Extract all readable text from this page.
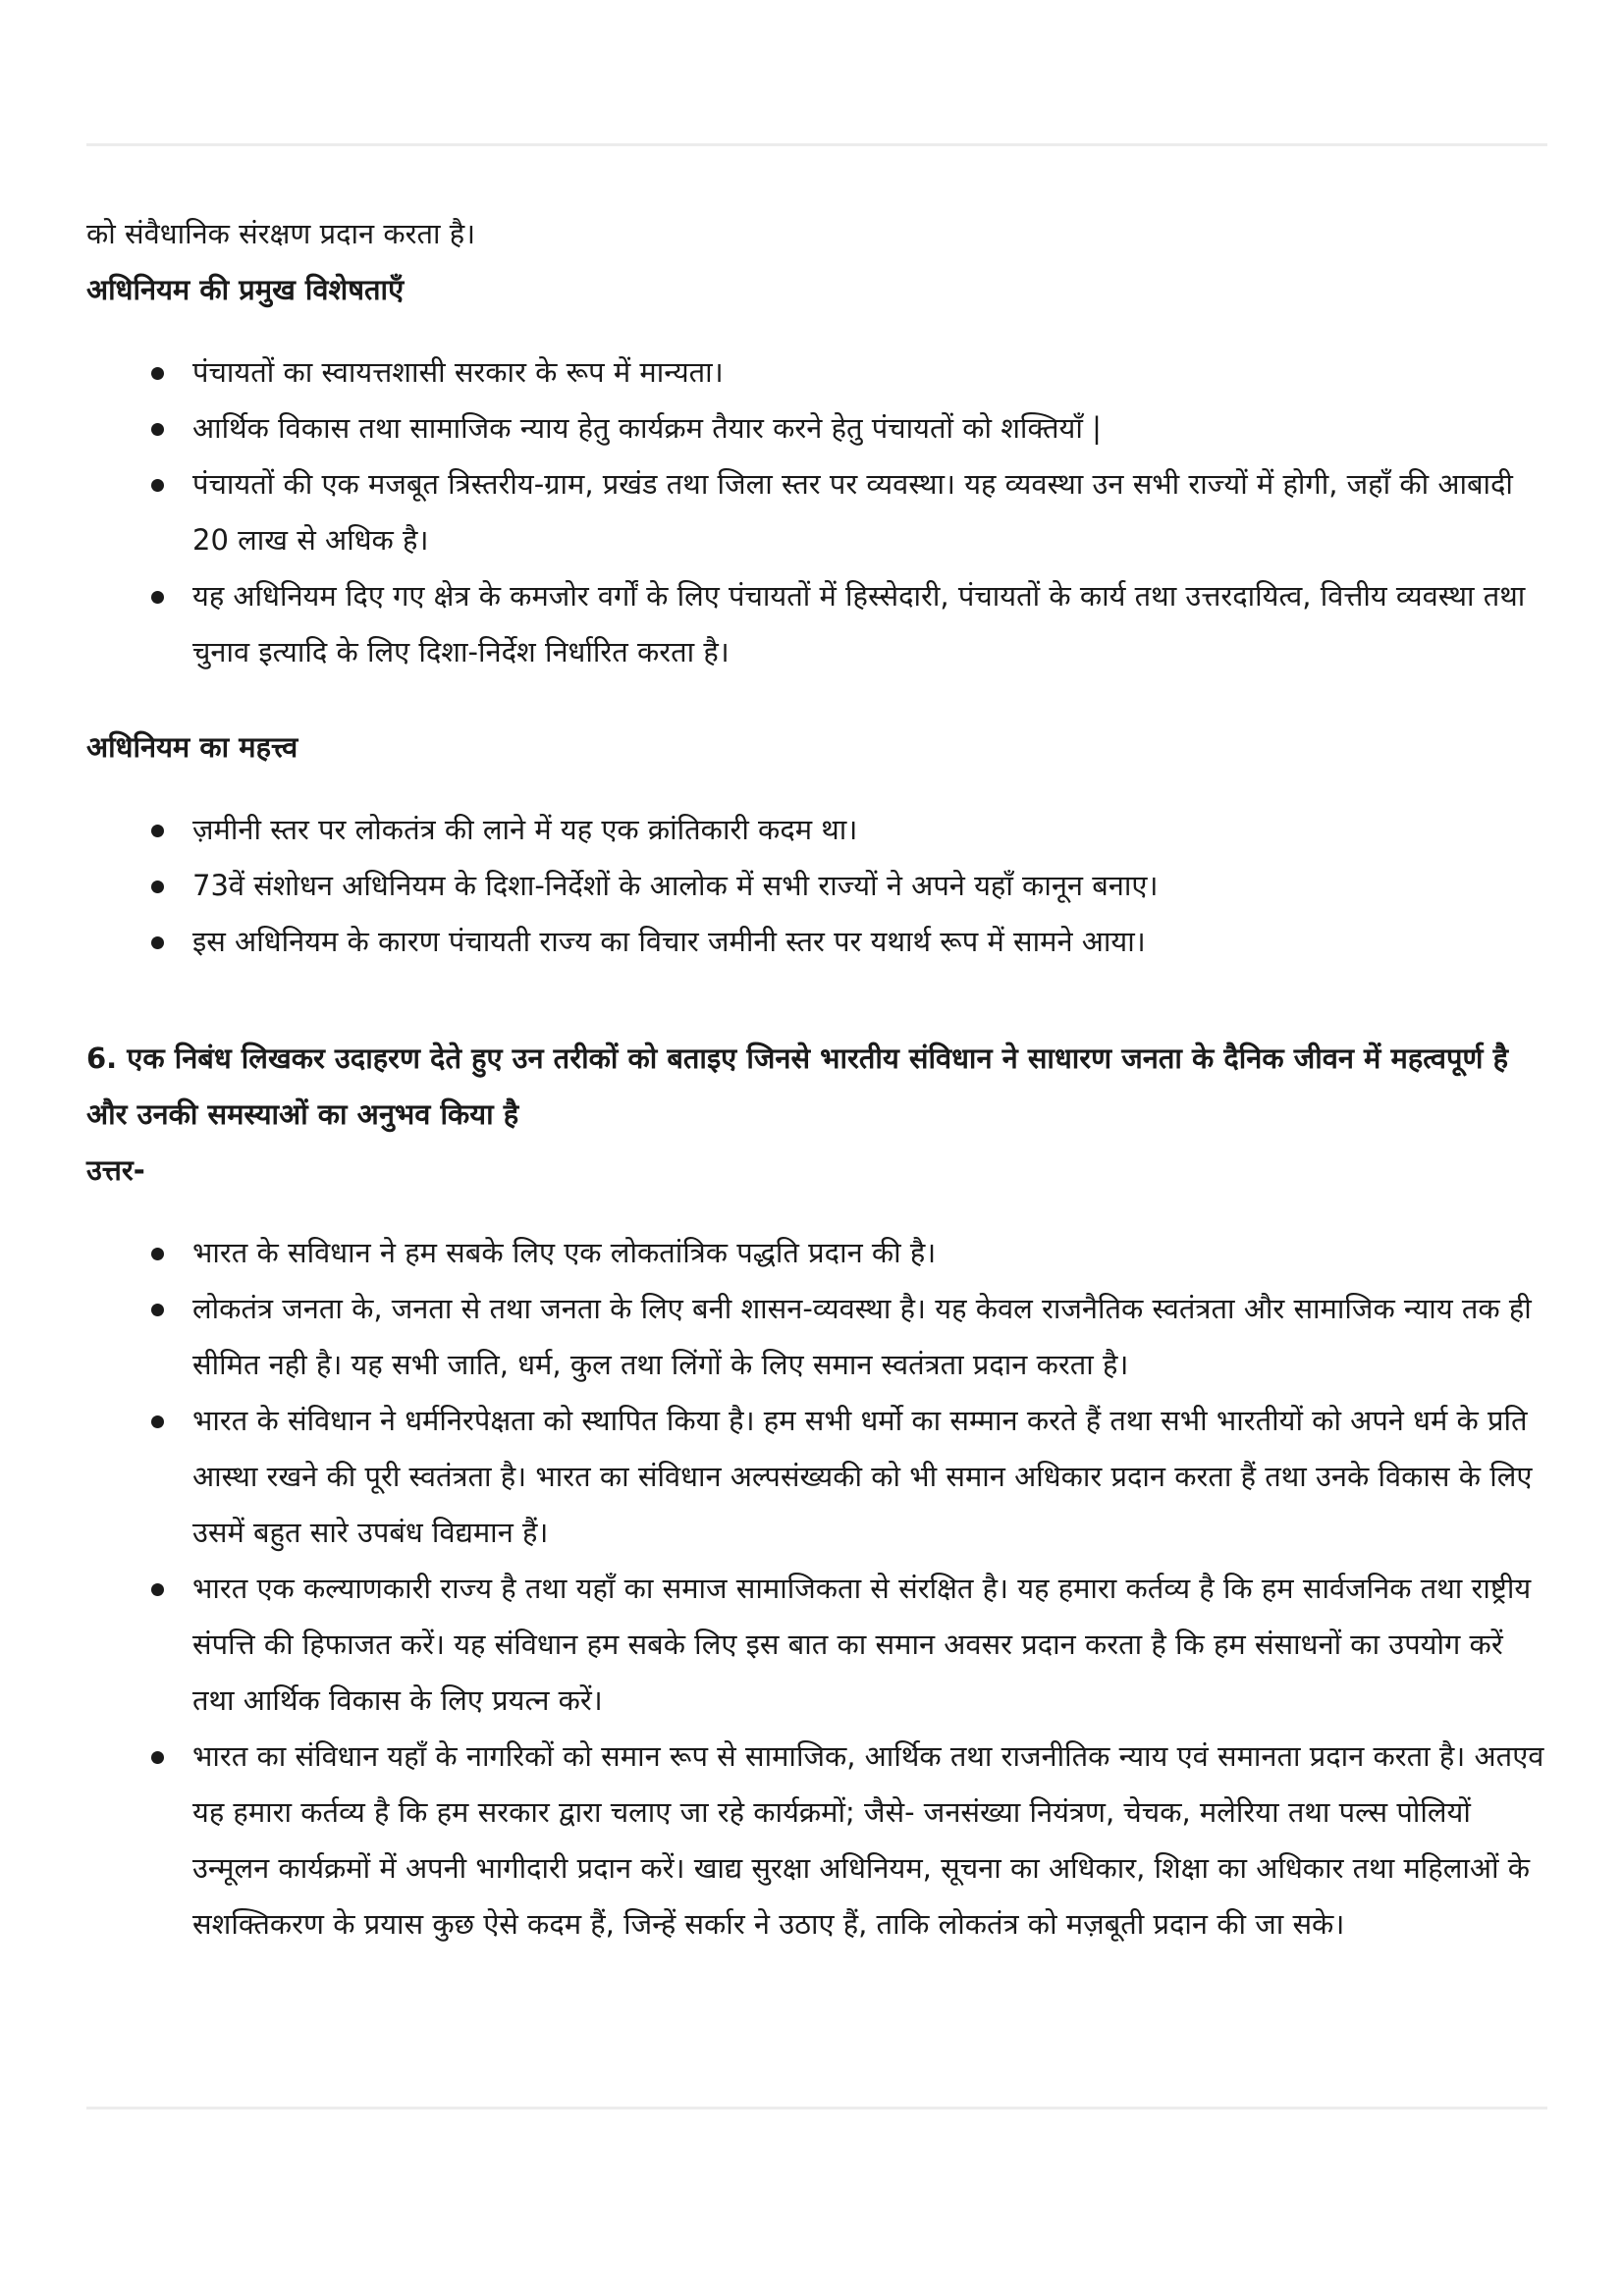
को संवैधानिक संरक्षण प्रदान करता है।

अधिनियम की प्रमुख विशेषताएँ

पंचायतों का स्वायत्तशासी सरकार के रूप में मान्यता।
आर्थिक विकास तथा सामाजिक न्याय हेतु कार्यक्रम तैयार करने हेतु पंचायतों को शक्तियाँ |
पंचायतों की एक मजबूत त्रिस्तरीय-ग्राम, प्रखंड तथा जिला स्तर पर व्यवस्था। यह व्यवस्था उन सभी राज्यों में होगी, जहाँ की आबादी 20 लाख से अधिक है।
यह अधिनियम दिए गए क्षेत्र के कमजोर वर्गों के लिए पंचायतों में हिस्सेदारी, पंचायतों के कार्य तथा उत्तरदायित्व, वित्तीय व्यवस्था तथा चुनाव इत्यादि के लिए दिशा-निर्देश निर्धारित करता है।

अधिनियम का महत्त्व

ज़मीनी स्तर पर लोकतंत्र की लाने में यह एक क्रांतिकारी कदम था।
73वें संशोधन अधिनियम के दिशा-निर्देशों के आलोक में सभी राज्यों ने अपने यहाँ कानून बनाए।
इस अधिनियम के कारण पंचायती राज्य का विचार जमीनी स्तर पर यथार्थ रूप में सामने आया।

6. एक निबंध लिखकर उदाहरण देते हुए उन तरीकों को बताइए जिनसे भारतीय संविधान ने साधारण जनता के दैनिक जीवन में महत्वपूर्ण है और उनकी समस्याओं का अनुभव किया है

उत्तर-

भारत के सविधान ने हम सबके लिए एक लोकतांत्रिक पद्धति प्रदान की है।
लोकतंत्र जनता के, जनता से तथा जनता के लिए बनी शासन-व्यवस्था है। यह केवल राजनैतिक स्वतंत्रता और सामाजिक न्याय तक ही सीमित नही है। यह सभी जाति, धर्म, कुल तथा लिंगों के लिए समान स्वतंत्रता प्रदान करता है।
भारत के संविधान ने धर्मनिरपेक्षता को स्थापित किया है। हम सभी धर्मो का सम्मान करते हैं तथा सभी भारतीयों को अपने धर्म के प्रति आस्था रखने की पूरी स्वतंत्रता है। भारत का संविधान अल्पसंख्यकी को भी समान अधिकार प्रदान करता हैं तथा उनके विकास के लिए उसमें बहुत सारे उपबंध विद्यमान हैं।
भारत एक कल्याणकारी राज्य है तथा यहाँ का समाज सामाजिकता से संरक्षित है। यह हमारा कर्तव्य है कि हम सार्वजनिक तथा राष्ट्रीय संपत्ति की हिफाजत करें। यह संविधान हम सबके लिए इस बात का समान अवसर प्रदान करता है कि हम संसाधनों का उपयोग करें तथा आर्थिक विकास के लिए प्रयत्न करें।
भारत का संविधान यहाँ के नागरिकों को समान रूप से सामाजिक, आर्थिक तथा राजनीतिक न्याय एवं समानता प्रदान करता है। अतएव यह हमारा कर्तव्य है कि हम सरकार द्वारा चलाए जा रहे कार्यक्रमों; जैसे- जनसंख्या नियंत्रण, चेचक, मलेरिया तथा पल्स पोलियों उन्मूलन कार्यक्रमों में अपनी भागीदारी प्रदान करें। खाद्य सुरक्षा अधिनियम, सूचना का अधिकार, शिक्षा का अधिकार तथा महिलाओं के सशक्तिकरण के प्रयास कुछ ऐसे कदम हैं, जिन्हें सर्कार ने उठाए हैं, ताकि लोकतंत्र को मज़बूती प्रदान की जा सके।
